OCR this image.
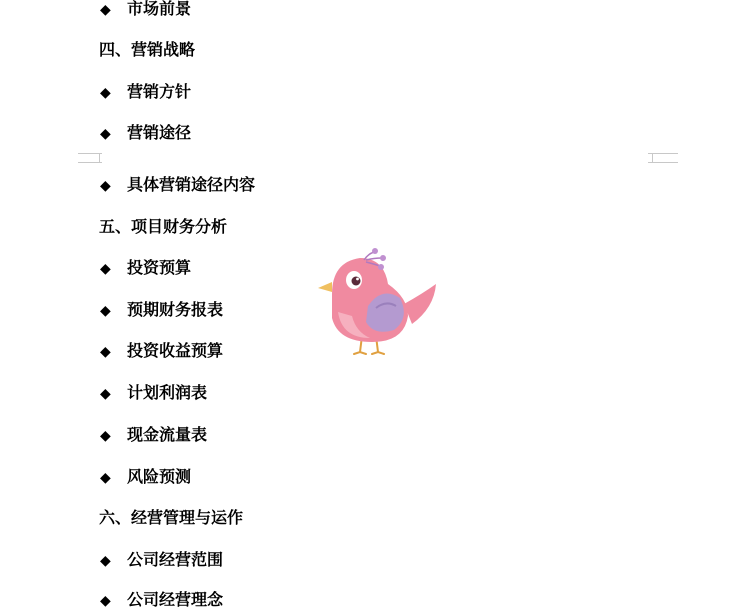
◆ 市场前景
四、营销战略
◆ 营销方针
◆ 营销途径
◆ 具体营销途径内容
五、项目财务分析
◆ 投资预算
◆ 预期财务报表
◆ 投资收益预算
◆ 计划利润表
◆ 现金流量表
◆ 风险预测
六、经营管理与运作
◆ 公司经营范围
◆ 公司经营理念
